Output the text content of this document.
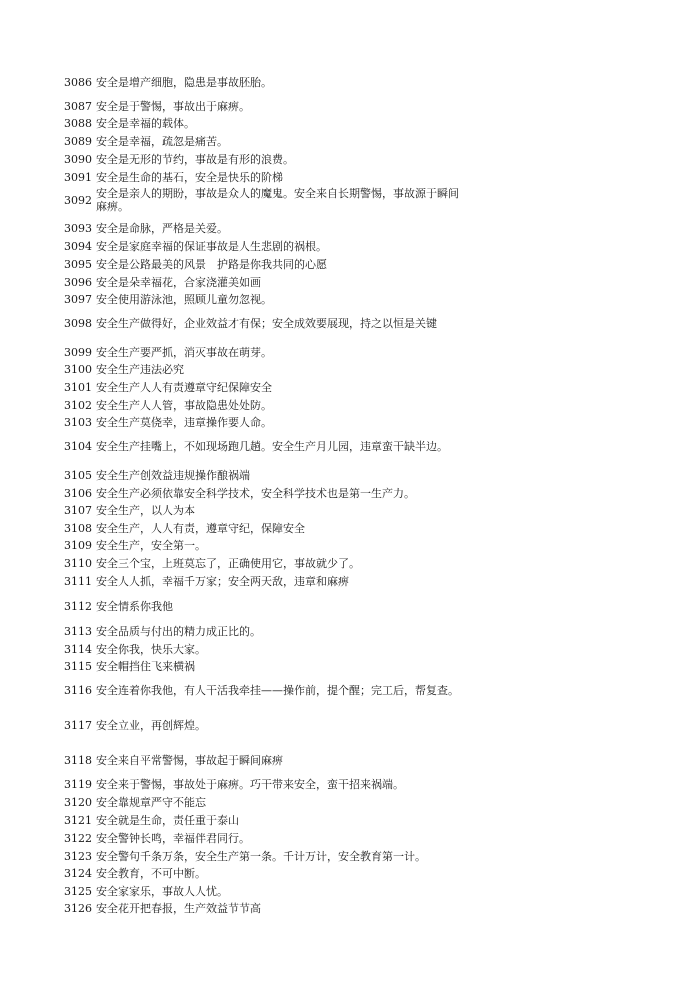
3086 安全是增产细胞，隐患是事故胚胎。
3087 安全是于警惕，事故出于麻痹。
3088 安全是幸福的载体。
3089 安全是幸福，疏忽是痛苦。
3090 安全是无形的节约，事故是有形的浪费。
3091 安全是生命的基石，安全是快乐的阶梯
3092 安全是亲人的期盼，事故是众人的魔鬼。安全来自长期警惕，事故源于瞬间麻痹。
3093 安全是命脉，严格是关爱。
3094 安全是家庭幸福的保证事故是人生悲剧的祸根。
3095 安全是公路最美的风景　护路是你我共同的心愿
3096 安全是朵幸福花，合家浇灌美如画
3097 安全使用游泳池，照顾儿童勿忽视。
3098 安全生产做得好，企业效益才有保；安全成效要展现，持之以恒是关键
3099 安全生产要严抓，消灭事故在萌芽。
3100 安全生产违法必究
3101 安全生产人人有责遵章守纪保障安全
3102 安全生产人人管，事故隐患处处防。
3103 安全生产莫侥幸，违章操作要人命。
3104 安全生产挂嘴上，不如现场跑几趟。安全生产月儿园，违章蛮干缺半边。
3105 安全生产创效益违规操作酿祸端
3106 安全生产必须依靠安全科学技术，安全科学技术也是第一生产力。
3107 安全生产，以人为本
3108 安全生产，人人有责，遵章守纪，保障安全
3109 安全生产，安全第一。
3110 安全三个宝，上班莫忘了，正确使用它，事故就少了。
3111 安全人人抓，幸福千万家；安全两天敌，违章和麻痹
3112 安全情系你我他
3113 安全品质与付出的精力成正比的。
3114 安全你我，快乐大家。
3115 安全帽挡住飞来横祸
3116 安全连着你我他，有人干活我牵挂——操作前，提个醒；完工后，帮复查。
3117 安全立业，再创辉煌。
3118 安全来自平常警惕，事故起于瞬间麻痹
3119 安全来于警惕，事故处于麻痹。巧干带来安全，蛮干招来祸端。
3120 安全靠规章严守不能忘
3121 安全就是生命，责任重于泰山
3122 安全警钟长鸣，幸福伴君同行。
3123 安全警句千条万条，安全生产第一条。千计万计，安全教育第一计。
3124 安全教育，不可中断。
3125 安全家家乐，事故人人忧。
3126 安全花开把春报，生产效益节节高
